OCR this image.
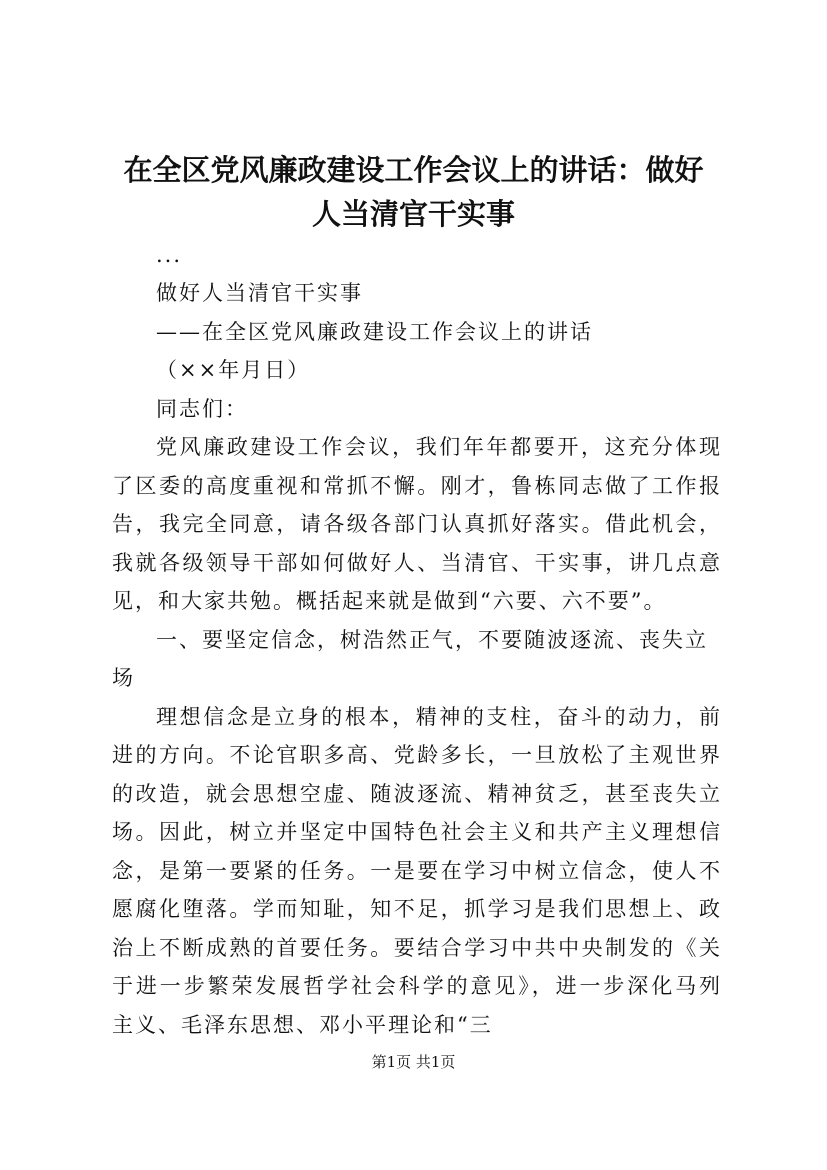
在全区党风廉政建设工作会议上的讲话：做好
人当清官干实事

...

做好人当清官干实事

——在全区党风廉政建设工作会议上的讲话

（××年月日）

同志们：

党风廉政建设工作会议，我们年年都要开，这充分体现了区委的高度重视和常抓不懈。刚才，鲁栋同志做了工作报告，我完全同意，请各级各部门认真抓好落实。借此机会，我就各级领导干部如何做好人、当清官、干实事，讲几点意见，和大家共勉。概括起来就是做到“六要、六不要”。

一、要坚定信念，树浩然正气，不要随波逐流、丧失立场

理想信念是立身的根本，精神的支柱，奋斗的动力，前进的方向。不论官职多高、党龄多长，一旦放松了主观世界的改造，就会思想空虚、随波逐流、精神贫乏，甚至丧失立场。因此，树立并坚定中国特色社会主义和共产主义理想信念，是第一要紧的任务。一是要在学习中树立信念，使人不愿腐化堕落。学而知耻，知不足，抓学习是我们思想上、政治上不断成熟的首要任务。要结合学习中共中央制发的《关于进一步繁荣发展哲学社会科学的意见》，进一步深化马列主义、毛泽东思想、邓小平理论和“三

第1页 共1页
